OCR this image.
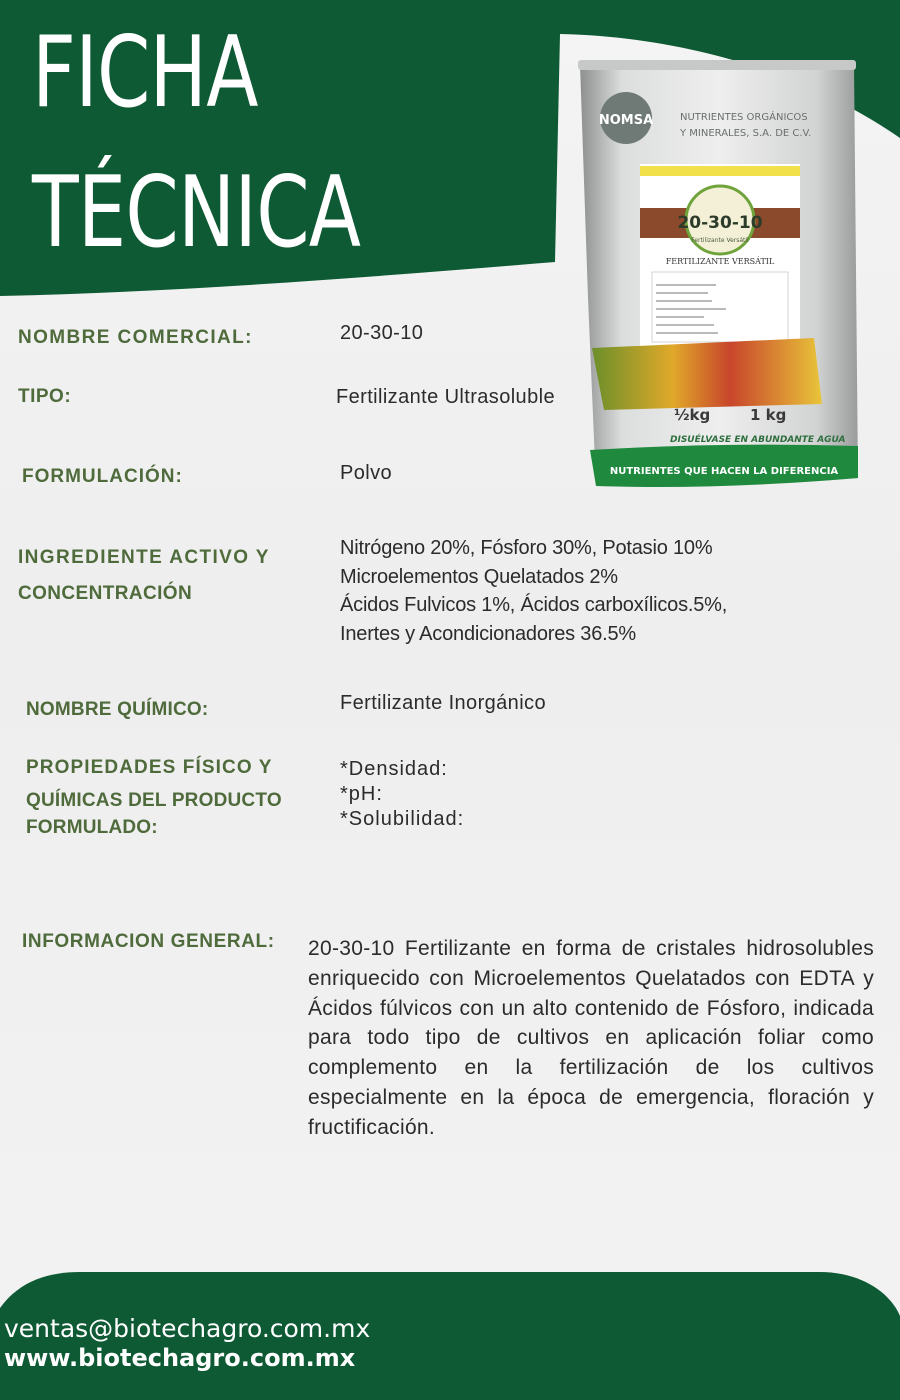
FICHA
TÉCNICA
NOMSA	NUTRIENTES ORGÁNICOS
Y MINERALES, S.A. DE C.V.
20-30-10
Fertilizante Versátil
FERTILIZANTE VERSÁTIL
½kg	1 kg
DISUÉLVASE EN ABUNDANTE AGUA
NUTRIENTES QUE HACEN LA DIFERENCIA
NOMBRE COMERCIAL:	20-30-10
TIPO:	Fertilizante Ultrasoluble
FORMULACIÓN:	Polvo
INGREDIENTE ACTIVO Y
CONCENTRACIÓN
Nitrógeno 20%, Fósforo 30%, Potasio 10%
Microelementos Quelatados 2%
Ácidos Fulvicos 1%, Ácidos carboxílicos.5%,
Inertes y Acondicionadores 36.5%
NOMBRE QUÍMICO:	Fertilizante Inorgánico
PROPIEDADES FÍSICO Y
QUÍMICAS DEL PRODUCTO
FORMULADO:
*Densidad:
*pH:
*Solubilidad:
INFORMACION GENERAL: 20-30-10 Fertilizante en forma de cristales hidrosolubles enriquecido con Microelementos Quelatados con EDTA y Ácidos fúlvicos con un alto contenido de Fósforo, indicada para todo tipo de cultivos en aplicación foliar como complemento en la fertilización de los cultivos especialmente en la época de emergencia, floración y fructificación.
ventas@biotechagro.com.mx
www.biotechagro.com.mx
